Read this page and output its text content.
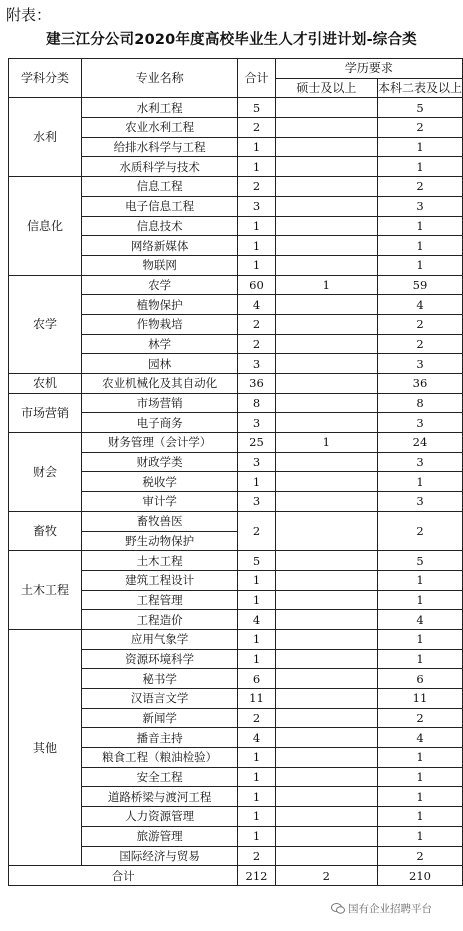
附表：
建三江分公司2020年度高校毕业生人才引进计划-综合类
学科分类	专业名称	合计	学历要求	
			硕士及以上	本科二表及以上
水利	水利工程	5		5
	农业水利工程	2		2
	给排水科学与工程	1		1
	水质科学与技术	1		1
信息化	信息工程	2		2
	电子信息工程	3		3
	信息技术	1		1
	网络新媒体	1		1
	物联网	1		1
农学	农学	60	1	59
	植物保护	4		4
	作物栽培	2		2
	林学	2		2
	园林	3		3
农机	农业机械化及其自动化	36		36
市场营销	市场营销	8		8
	电子商务	3		3
财会	财务管理（会计学）	25	1	24
	财政学类	3		3
	税收学	1		1
	审计学	3		3
畜牧	畜牧兽医	2		2
	野生动物保护			
土木工程	土木工程	5		5
	建筑工程设计	1		1
	工程管理	1		1
	工程造价	4		4
其他	应用气象学	1		1
	资源环境科学	1		1
	秘书学	6		6
	汉语言文学	11		11
	新闻学	2		2
	播音主持	4		4
	粮食工程（粮油检验）	1		1
	安全工程	1		1
	道路桥梁与渡河工程	1		1
	人力资源管理	1		1
	旅游管理	1		1
	国际经济与贸易	2		2
合计		212	2	210
国有企业招聘平台
